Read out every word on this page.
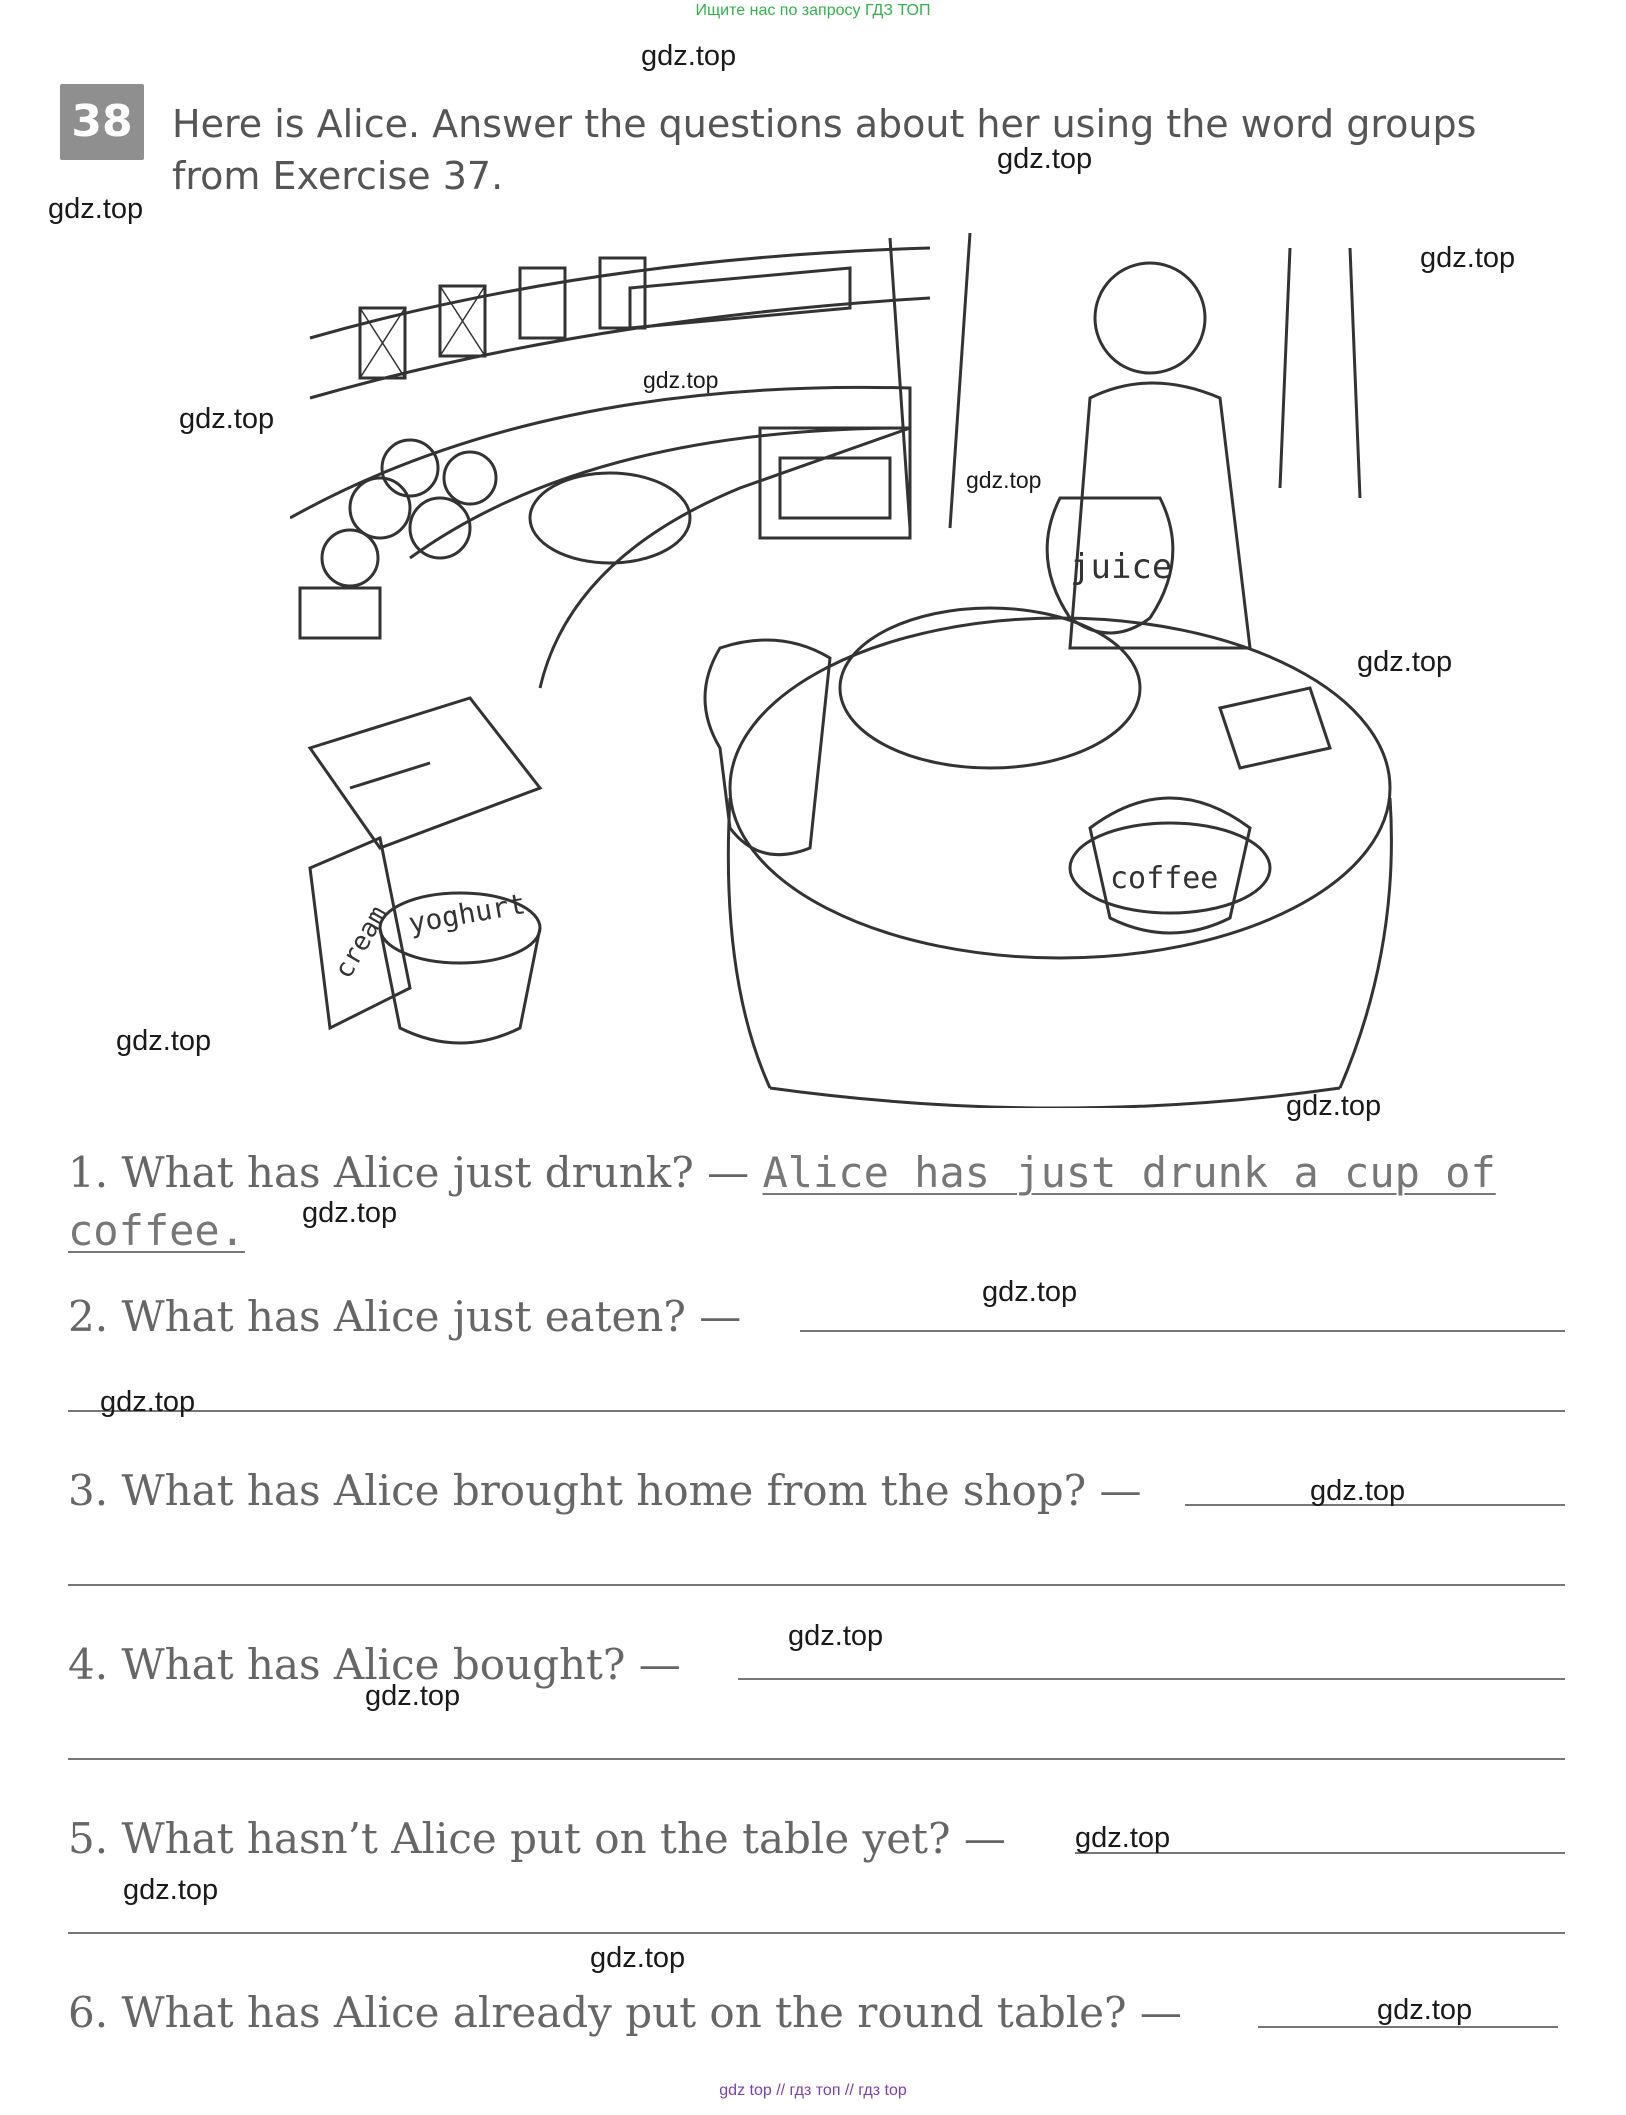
Ищите нас по запросу ГДЗ ТОП
38 Here is Alice. Answer the questions about her using the word groups
from Exercise 37.
juice
coffee
cream yoghurt
1. What has Alice just drunk? — Alice has just drunk a cup of
coffee.
2. What has Alice just eaten? —
3. What has Alice brought home from the shop? —
4. What has Alice bought? —
5. What hasn’t Alice put on the table yet? —
6. What has Alice already put on the round table? —
gdz.top
gdz.top
gdz.top
gdz.top
gdz.top
gdz.top
gdz.top
gdz.top
gdz.top
gdz.top
gdz.top
gdz.top
gdz.top
gdz.top
gdz.top
gdz.top
gdz.top
gdz.top
gdz.top
gdz.top
gdz top // гдз топ // гдз top
